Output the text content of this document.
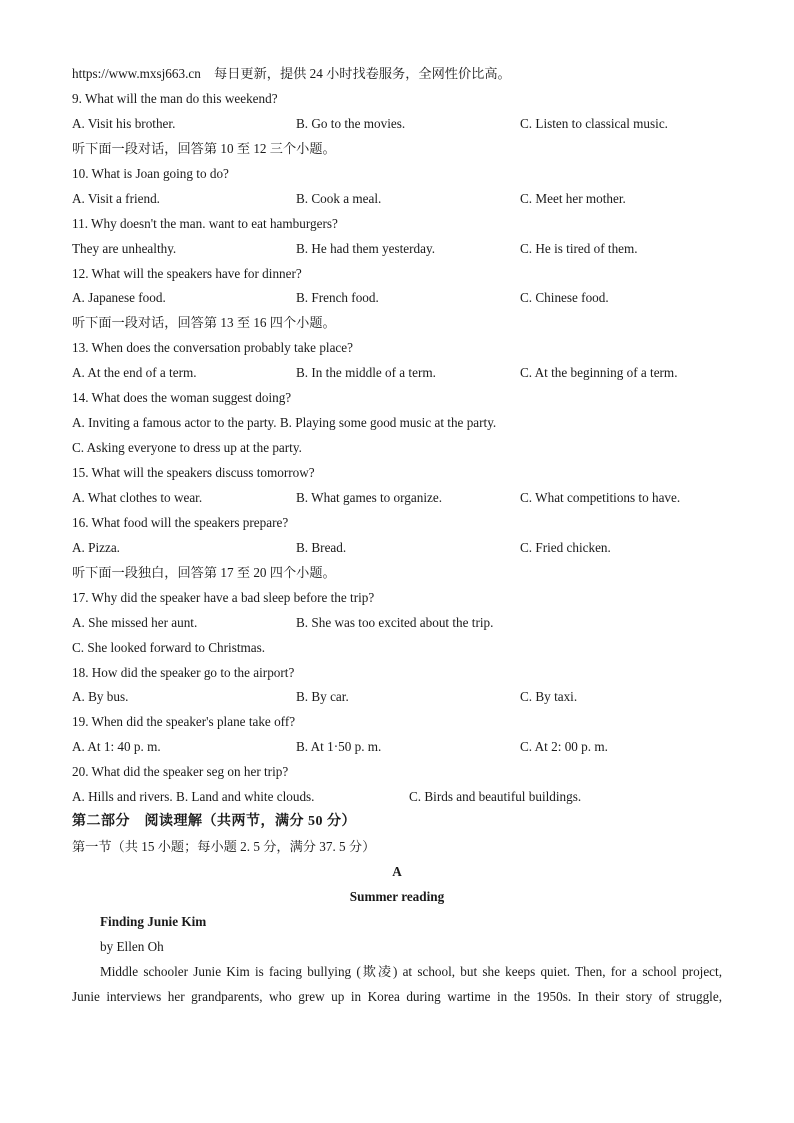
https://www.mxsj663.cn 每日更新，提供 24 小时找卷服务，全网性价比高。
9. What will the man do this weekend?
A. Visit his brother.	B. Go to the movies.	C. Listen to classical music.
听下面一段对话，回答第 10 至 12 三个小题。
10. What is Joan going to do?
A. Visit a friend.	B. Cook a meal.	C. Meet her mother.
11. Why doesn't the man. want to eat hamburgers?
They are unhealthy.	B. He had them yesterday.	C. He is tired of them.
12. What will the speakers have for dinner?
A. Japanese food.	B. French food.	C. Chinese food.
听下面一段对话，回答第 13 至 16 四个小题。
13. When does the conversation probably take place?
A. At the end of a term.	B. In the middle of a term.	C. At the beginning of a term.
14. What does the woman suggest doing?
A. Inviting a famous actor to the party. B. Playing some good music at the party.
C. Asking everyone to dress up at the party.
15. What will the speakers discuss tomorrow?
A. What clothes to wear.	B. What games to organize.	C. What competitions to have.
16. What food will the speakers prepare?
A. Pizza.	B. Bread.	C. Fried chicken.
听下面一段独白，回答第 17 至 20 四个小题。
17. Why did the speaker have a bad sleep before the trip?
A. She missed her aunt.	B. She was too excited about the trip.
C. She looked forward to Christmas.
18. How did the speaker go to the airport?
A. By bus.	B. By car.	C. By taxi.
19. When did the speaker's plane take off?
A. At 1: 40 p. m.	B. At 1·50 p. m.	C. At 2: 00 p. m.
20. What did the speaker seg on her trip?
A. Hills and rivers. B. Land and white clouds.	C. Birds and beautiful buildings.
第二部分　阅读理解（共两节，满分 50 分）
第一节（共 15 小题；每小题 2. 5 分，满分 37. 5 分）
A
Summer reading
Finding Junie Kim
by Ellen Oh
Middle schooler Junie Kim is facing bullying (欺凌) at school, but she keeps quiet. Then, for a school project,
Junie interviews her grandparents, who grew up in Korea during wartime in the 1950s. In their story of struggle,
